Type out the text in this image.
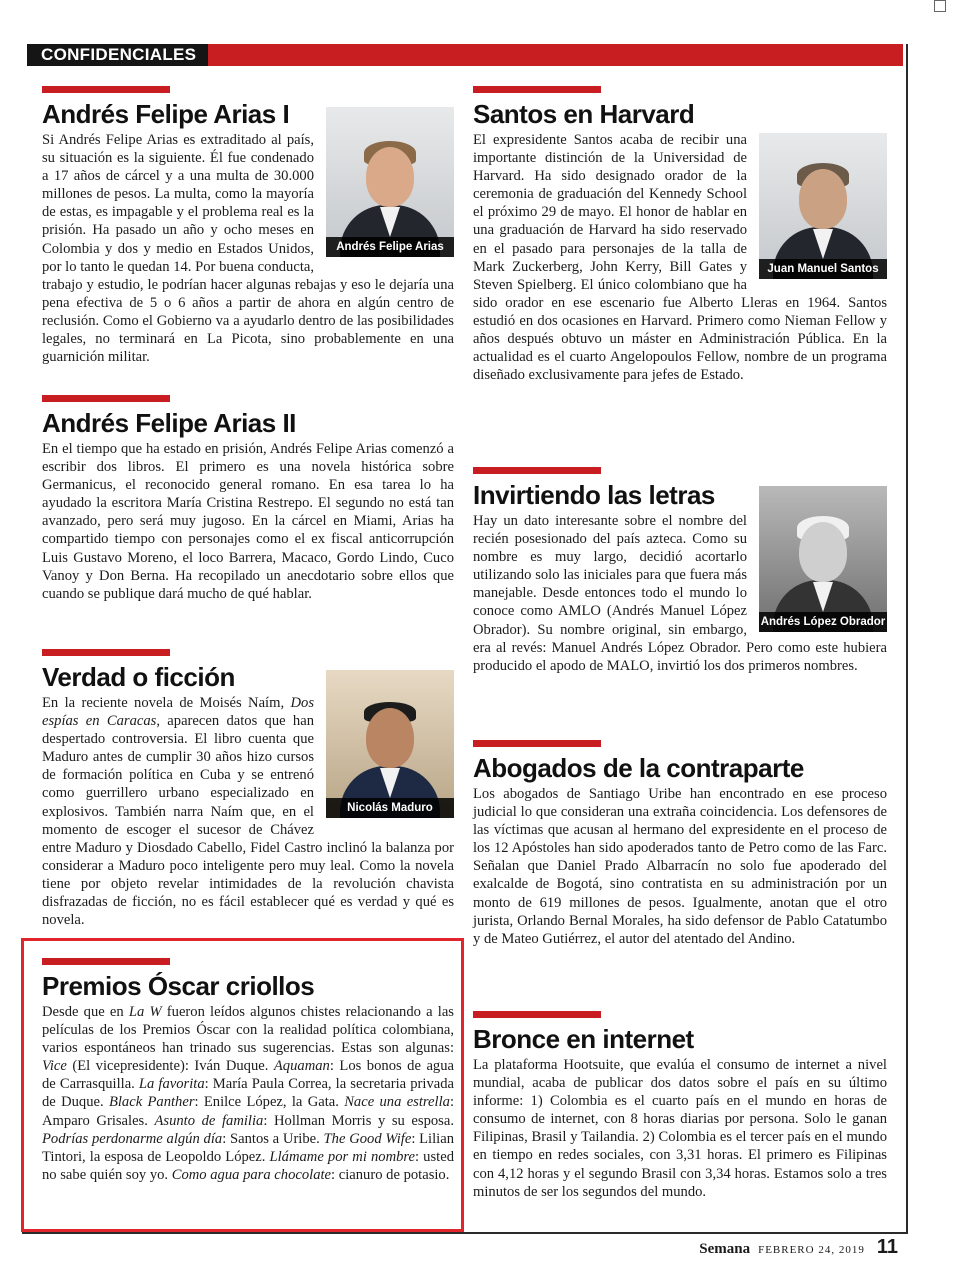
CONFIDENCIALES
Andrés Felipe Arias I
Andrés Felipe Arias

Si Andrés Felipe Arias es extraditado al país, su situación es la siguiente. Él fue condenado a 17 años de cárcel y a una multa de 30.000 millones de pesos. La multa, como la mayoría de estas, es impagable y el problema real es la prisión. Ha pasado un año y ocho meses en Colombia y dos y medio en Estados Unidos, por lo tanto le quedan 14. Por buena conducta, trabajo y estudio, le podrían hacer algunas rebajas y eso le dejaría una pena efectiva de 5 o 6 años a partir de ahora en algún centro de reclusión. Como el Gobierno va a ayudarlo dentro de las posibilidades legales, no terminará en La Picota, sino probablemente en una guarnición militar.

Andrés Felipe Arias II

En el tiempo que ha estado en prisión, Andrés Felipe Arias comenzó a escribir dos libros. El primero es una novela histórica sobre Germanicus, el reconocido general romano. En esa tarea lo ha ayudado la escritora María Cristina Restrepo. El segundo no está tan avanzado, pero será muy jugoso. En la cárcel en Miami, Arias ha compartido tiempo con personajes como el ex fiscal anticorrupción Luis Gustavo Moreno, el loco Barrera, Macaco, Gordo Lindo, Cuco Vanoy y Don Berna. Ha recopilado un anecdotario sobre ellos que cuando se publique dará mucho de qué hablar.

Verdad o ficción
Nicolás Maduro

En la reciente novela de Moisés Naím, Dos espías en Caracas, aparecen datos que han despertado controversia. El libro cuenta que Maduro antes de cumplir 30 años hizo cursos de formación política en Cuba y se entrenó como guerrillero urbano especializado en explosivos. También narra Naím que, en el momento de escoger el sucesor de Chávez entre Maduro y Diosdado Cabello, Fidel Castro inclinó la balanza por considerar a Maduro poco inteligente pero muy leal. Como la novela tiene por objeto revelar intimidades de la revolución chavista disfrazadas de ficción, no es fácil establecer qué es verdad y qué es novela.

Premios Óscar criollos

Desde que en La W fueron leídos algunos chistes relacionando a las películas de los Premios Óscar con la realidad política colombiana, varios espontáneos han trinado sus sugerencias. Estas son algunas: Vice (El vicepresidente): Iván Duque. Aquaman: Los bonos de agua de Carrasquilla. La favorita: María Paula Correa, la secretaria privada de Duque. Black Panther: Enilce López, la Gata. Nace una estrella: Amparo Grisales. Asunto de familia: Hollman Morris y su esposa. Podrías perdonarme algún día: Santos a Uribe. The Good Wife: Lilian Tintori, la esposa de Leopoldo López. Llámame por mi nombre: usted no sabe quién soy yo. Como agua para chocolate: cianuro de potasio.

Santos en Harvard
Juan Manuel Santos

El expresidente Santos acaba de recibir una importante distinción de la Universidad de Harvard. Ha sido designado orador de la ceremonia de graduación del Kennedy School el próximo 29 de mayo. El honor de hablar en una graduación de Harvard ha sido reservado en el pasado para personajes de la talla de Mark Zuckerberg, John Kerry, Bill Gates y Steven Spielberg. El único colombiano que ha sido orador en ese escenario fue Alberto Lleras en 1964. Santos estudió en dos ocasiones en Harvard. Primero como Nieman Fellow y años después obtuvo un máster en Administración Pública. En la actualidad es el cuarto Angelopoulos Fellow, nombre de un programa diseñado exclusivamente para jefes de Estado.

Invirtiendo las letras
Andrés López Obrador

Hay un dato interesante sobre el nombre del recién posesionado del país azteca. Como su nombre es muy largo, decidió acortarlo utilizando solo las iniciales para que fuera más manejable. Desde entonces todo el mundo lo conoce como AMLO (Andrés Manuel López Obrador). Su nombre original, sin embargo, era al revés: Manuel Andrés López Obrador. Pero como este hubiera producido el apodo de MALO, invirtió los dos primeros nombres.

Abogados de la contraparte

Los abogados de Santiago Uribe han encontrado en ese proceso judicial lo que consideran una extraña coincidencia. Los defensores de las víctimas que acusan al hermano del expresidente en el proceso de los 12 Apóstoles han sido apoderados tanto de Petro como de las Farc. Señalan que Daniel Prado Albarracín no solo fue apoderado del exalcalde de Bogotá, sino contratista en su administración por un monto de 619 millones de pesos. Igualmente, anotan que el otro jurista, Orlando Bernal Morales, ha sido defensor de Pablo Catatumbo y de Mateo Gutiérrez, el autor del atentado del Andino.

Bronce en internet

La plataforma Hootsuite, que evalúa el consumo de internet a nivel mundial, acaba de publicar dos datos sobre el país en su último informe: 1) Colombia es el cuarto país en el mundo en horas de consumo de internet, con 8 horas diarias por persona. Solo le ganan Filipinas, Brasil y Tailandia. 2) Colombia es el tercer país en el mundo en tiempo en redes sociales, con 3,31 horas. El primero es Filipinas con 4,12 horas y el segundo Brasil con 3,34 horas. Estamos solo a tres minutos de ser los segundos del mundo.

Semana FEBRERO 24, 2019 11
